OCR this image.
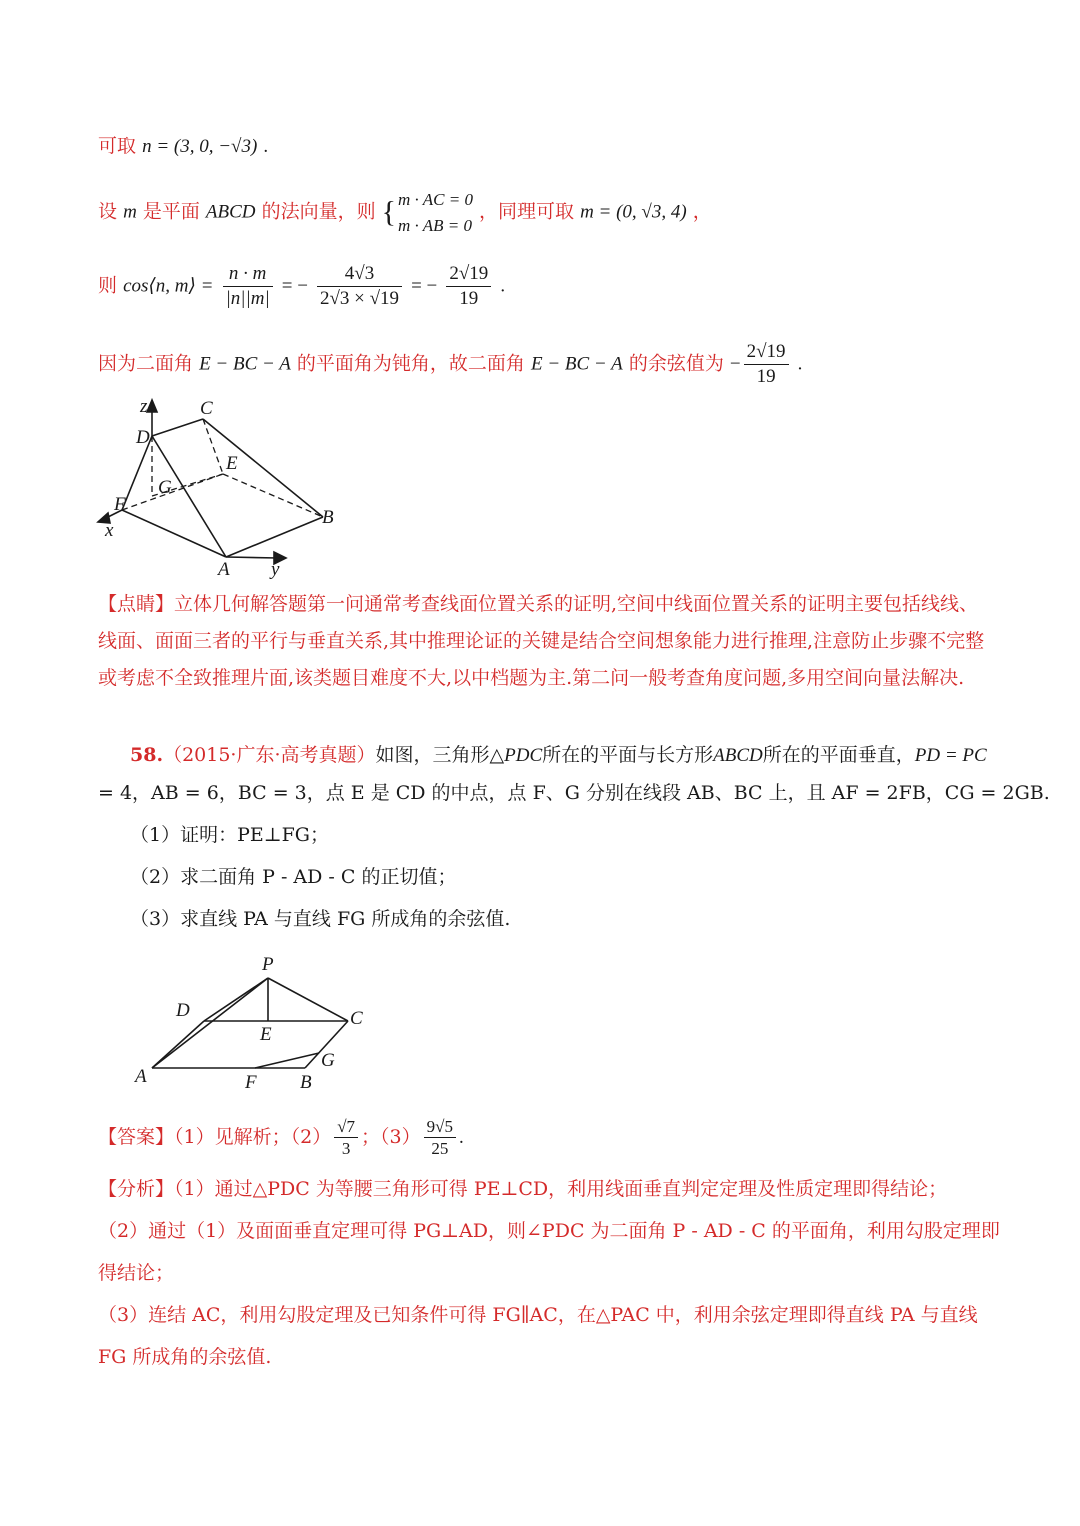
可取 n = (3, 0, −√3) .
设 m 是平面 ABCD 的法向量，则 { m · AC = 0
m · AB = 0
，同理可取 m = (0, √3, 4) ，
则 cos⟨n, m⟩ = $\frac{n \cdot m}{|n||m|}$ = − $\frac{4√3}{2√3 \times √19}$ = − $\frac{2√19}{19}$ .
因为二面角 E − BC − A 的平面角为钝角，故二面角 E − BC − A 的余弦值为 − $\frac{2√19}{19}$ .
z	C
D
E
G
F
B
x
A y
【点睛】立体几何解答题第一问通常考查线面位置关系的证明,空间中线面位置关系的证明主要包括线线、线面、面面三者的平行与垂直关系,其中推理论证的关键是结合空间想象能力进行推理,注意防止步骤不完整或考虑不全致推理片面,该类题目难度不大,以中档题为主.第二问一般考查角度问题,多用空间向量法解决.
58.（2015·广东·高考真题）如图，三角形△PDC所在的平面与长方形ABCD所在的平面垂直，PD = PC
= 4，AB = 6，BC = 3，点 E 是 CD 的中点，点 F、G 分别在线段 AB、BC 上，且 AF = 2FB，CG = 2GB.
（1）证明：PE⊥FG；
（2）求二面角 P - AD - C 的正切值；
（3）求直线 PA 与直线 FG 所成角的余弦值.
P
D	C
E
G
A	F B
【答案】（1）见解析；$(2) \frac{√7}{3}$ ；$(3) \frac{9√5}{25}$ .
【分析】（1）通过△PDC 为等腰三角形可得 PE⊥CD，利用线面垂直判定定理及性质定理即得结论；
（2）通过（1）及面面垂直定理可得 PG⊥AD，则∠PDC 为二面角 P - AD - C 的平面角，利用勾股定理即
得结论；
（3）连结 AC，利用勾股定理及已知条件可得 FG∥AC，在△PAC 中，利用余弦定理即得直线 PA 与直线
FG 所成角的余弦值.
